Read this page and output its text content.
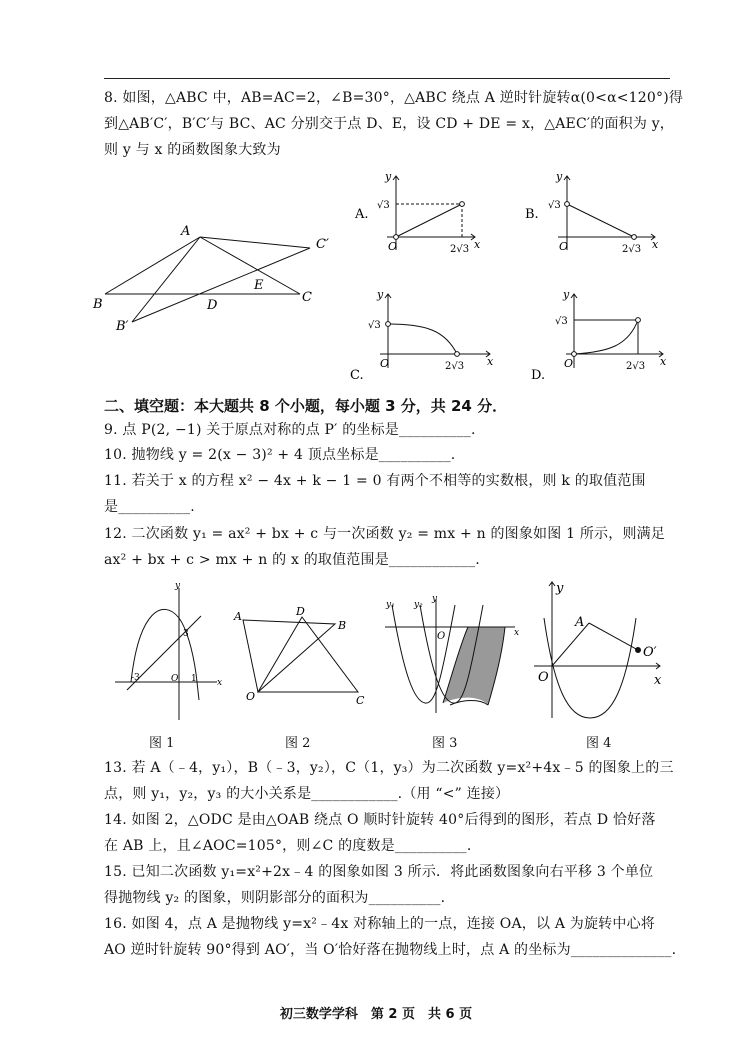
8. 如图，△ABC 中，AB=AC=2，∠B=30°，△ABC 绕点 A 逆时针旋转α(0<α<120°)得
到△AB′C′，B′C′与 BC、AC 分别交于点 D、E，设 CD + DE = x，△AEC′的面积为 y，
则 y 与 x 的函数图象大致为
A
B	C
B′
C′
D
E
A.
y
x
O
√3
2√3
B.
y
x
O
√3
2√3
C.
y
x
O
√3
2√3
D.
y
x
O
√3
2√3
二、填空题：本大题共 8 个小题，每小题 3 分，共 24 分．
9. 点 P(2, −1) 关于原点对称的点 P′ 的坐标是__________.
10. 抛物线 y = 2(x − 3)² + 4 顶点坐标是__________.
11. 若关于 x 的方程 x² − 4x + k − 1 = 0 有两个不相等的实数根，则 k 的取值范围
是__________.
12. 二次函数 y₁ = ax² + bx + c 与一次函数 y₂ = mx + n 的图象如图 1 所示，则满足
ax² + bx + c > mx + n 的 x 的取值范围是____________.
y
x
O
3
-3	1
图 1
A
B
C
D
O
图 2
y₁ y₂
y
x
O
图 3
y
x
O
A
O′
图 4
13. 若 A（﹣4，y₁），B（﹣3，y₂），C（1，y₃）为二次函数 y=x²+4x﹣5 的图象上的三
点，则 y₁，y₂，y₃ 的大小关系是____________.（用 “<” 连接）
14. 如图 2，△ODC 是由△OAB 绕点 O 顺时针旋转 40°后得到的图形，若点 D 恰好落
在 AB 上，且∠AOC=105°，则∠C 的度数是__________.
15. 已知二次函数 y₁=x²+2x﹣4 的图象如图 3 所示．将此函数图象向右平移 3 个单位
得抛物线 y₂ 的图象，则阴影部分的面积为__________.
16. 如图 4，点 A 是抛物线 y=x²﹣4x 对称轴上的一点，连接 OA，以 A 为旋转中心将
AO 逆时针旋转 90°得到 AO′，当 O′恰好落在抛物线上时，点 A 的坐标为______________.
初三数学学科　第 2 页　共 6 页
